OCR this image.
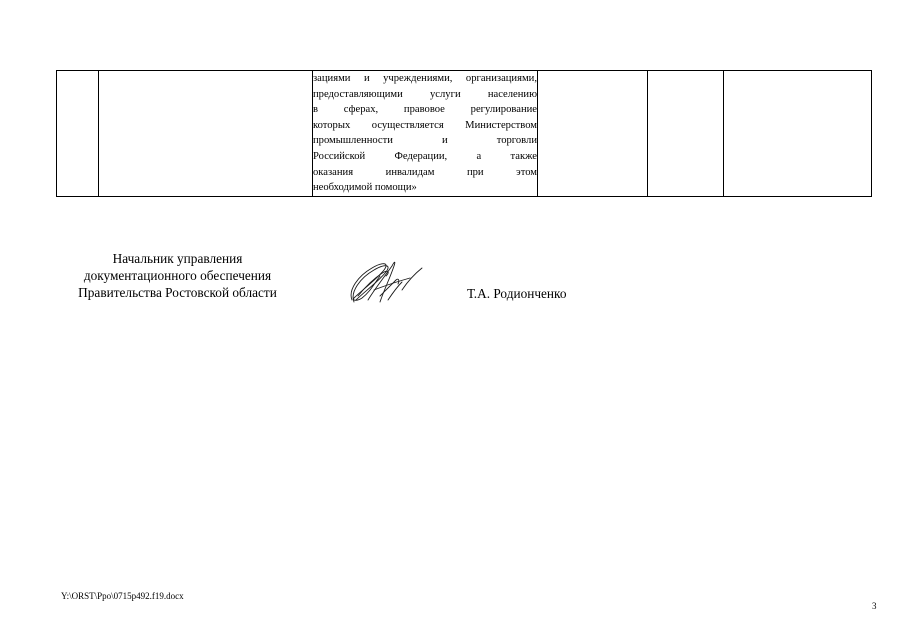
зациями и учреждениями, организациями,
предоставляющими услуги населению
в сферах, правовое регулирование
которых осуществляется Министерством
промышленности и торговли
Российской Федерации, а также
оказания инвалидам при этом
необходимой помощи»

Начальник управления
документационного обеспечения
Правительства Ростовской области	Т.А. Родионченко
Y:\ORST\Ppo\0715p492.f19.docx
3
